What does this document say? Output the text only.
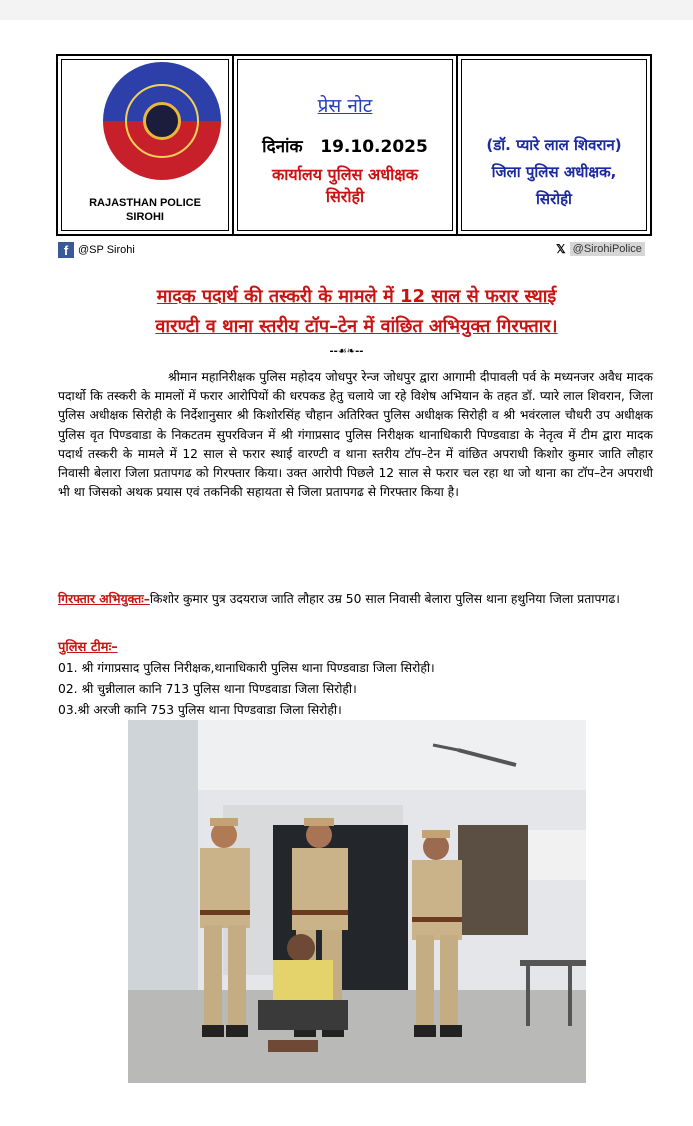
RAJASTHAN POLICE
SIROHI
प्रेस नोट
दिनांक 19.10.2025
कार्यालय पुलिस अधीक्षक
सिरोही
(डॉ. प्यारे लाल शिवरान)
जिला पुलिस अधीक्षक,
सिरोही
f @SP Sirohi	𝕏 @SirohiPolice
मादक पदार्थ की तस्करी के मामले में 12 साल से फरार स्थाई
वारण्टी व थाना स्तरीय टॉप–टेन में वांछित अभियुक्त गिरफ्तार।
--☙❧--
श्रीमान महानिरीक्षक पुलिस महोदय जोधपुर रेन्ज जोधपुर द्वारा आगामी दीपावली पर्व के मध्यनजर अवैध मादक पदार्थो कि तस्करी के मामलों में फरार आरोपियों की धरपकड हेतु चलाये जा रहे विशेष अभियान के तहत डॉ. प्यारे लाल शिवरान, जिला पुलिस अधीक्षक सिरोही के निर्देशानुसार श्री किशोरसिंह चौहान अतिरिक्त पुलिस अधीक्षक सिरोही व श्री भवंरलाल चौधरी उप अधीक्षक पुलिस वृत पिण्डवाडा के निकटतम सुपरविजन में श्री गंगाप्रसाद पुलिस निरीक्षक थानाधिकारी पिण्डवाडा के नेतृत्व में टीम द्वारा मादक पदार्थ तस्करी के मामले में 12 साल से फरार स्थाई वारण्टी व थाना स्तरीय टॉप–टेन में वांछित अपराधी किशोर कुमार जाति लौहार निवासी बेलारा जिला प्रतापगढ को गिरफ्तार किया। उक्त आरोपी पिछले 12 साल से फरार चल रहा था जो थाना का टॉप–टेन अपराधी भी था जिसको अथक प्रयास एवं तकनिकी सहायता से जिला प्रतापगढ से गिरफ्तार किया है।
गिरफ्तार अभियुक्तः–किशोर कुमार पुत्र उदयराज जाति लौहार उम्र 50 साल निवासी बेलारा पुलिस थाना हथुनिया जिला प्रतापगढ।
पुलिस टीमः–
01. श्री गंगाप्रसाद पुलिस निरीक्षक,थानाधिकारी पुलिस थाना पिण्डवाडा जिला सिरोही।
02. श्री चुन्नीलाल कानि 713 पुलिस थाना पिण्डवाडा जिला सिरोही।
03.श्री अरजी कानि 753 पुलिस थाना पिण्डवाडा जिला सिरोही।
